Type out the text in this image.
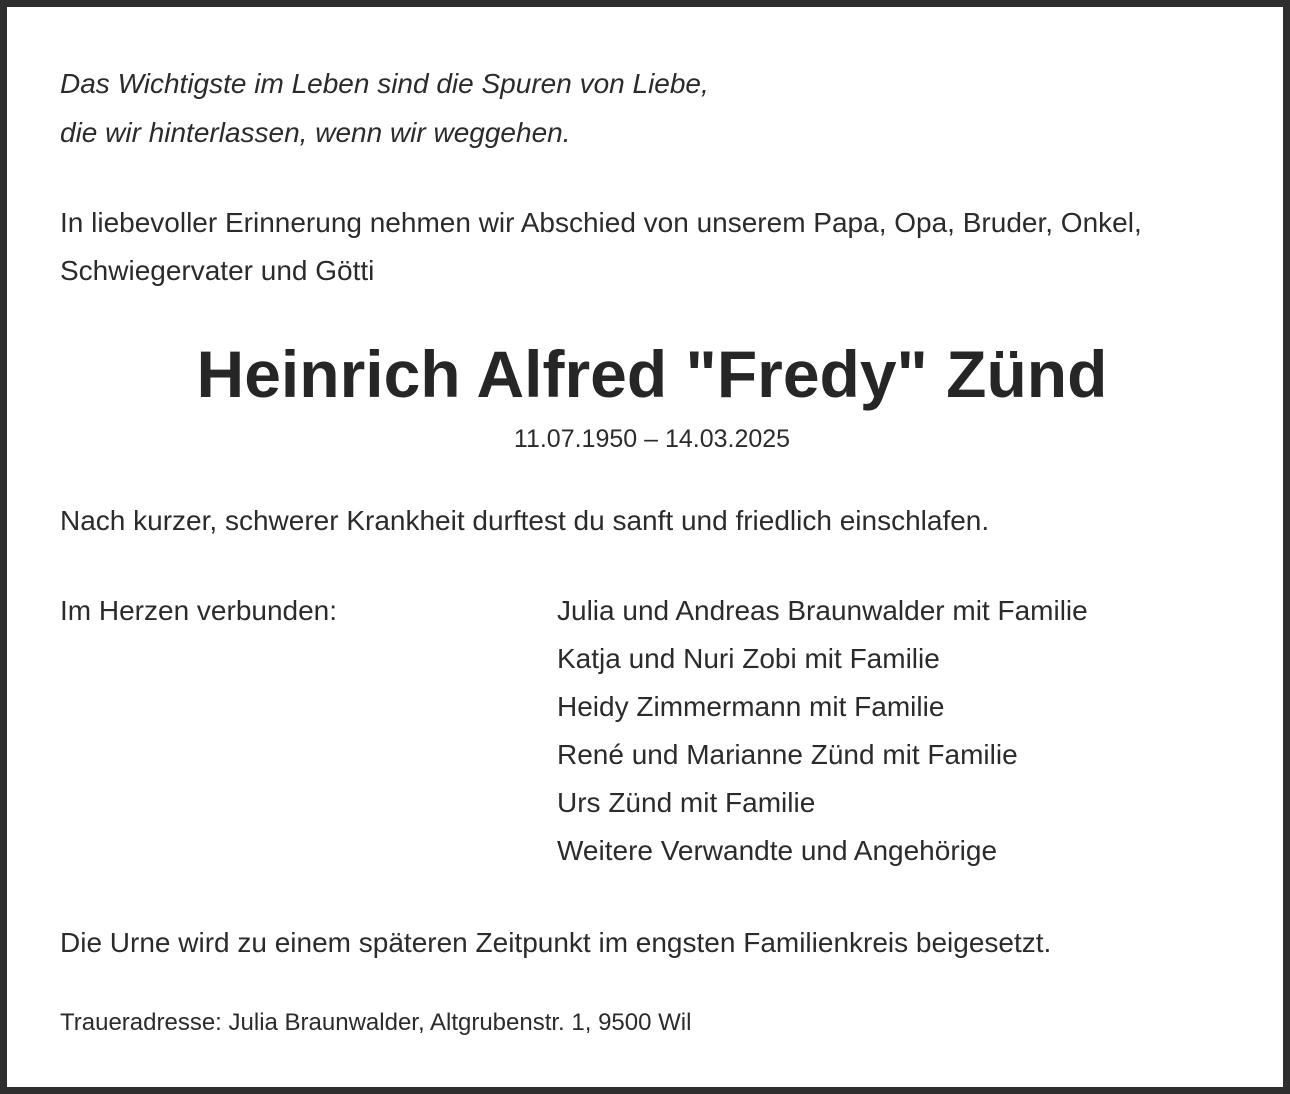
Das Wichtigste im Leben sind die Spuren von Liebe,
die wir hinterlassen, wenn wir weggehen.
In liebevoller Erinnerung nehmen wir Abschied von unserem Papa, Opa, Bruder, Onkel,
Schwiegervater und Götti
Heinrich Alfred "Fredy" Zünd
11.07.1950 – 14.03.2025
Nach kurzer, schwerer Krankheit durftest du sanft und friedlich einschlafen.
Im Herzen verbunden:	Julia und Andreas Braunwalder mit Familie
Katja und Nuri Zobi mit Familie
Heidy Zimmermann mit Familie
René und Marianne Zünd mit Familie
Urs Zünd mit Familie
Weitere Verwandte und Angehörige
Die Urne wird zu einem späteren Zeitpunkt im engsten Familienkreis beigesetzt.
Traueradresse: Julia Braunwalder, Altgrubenstr. 1, 9500 Wil
